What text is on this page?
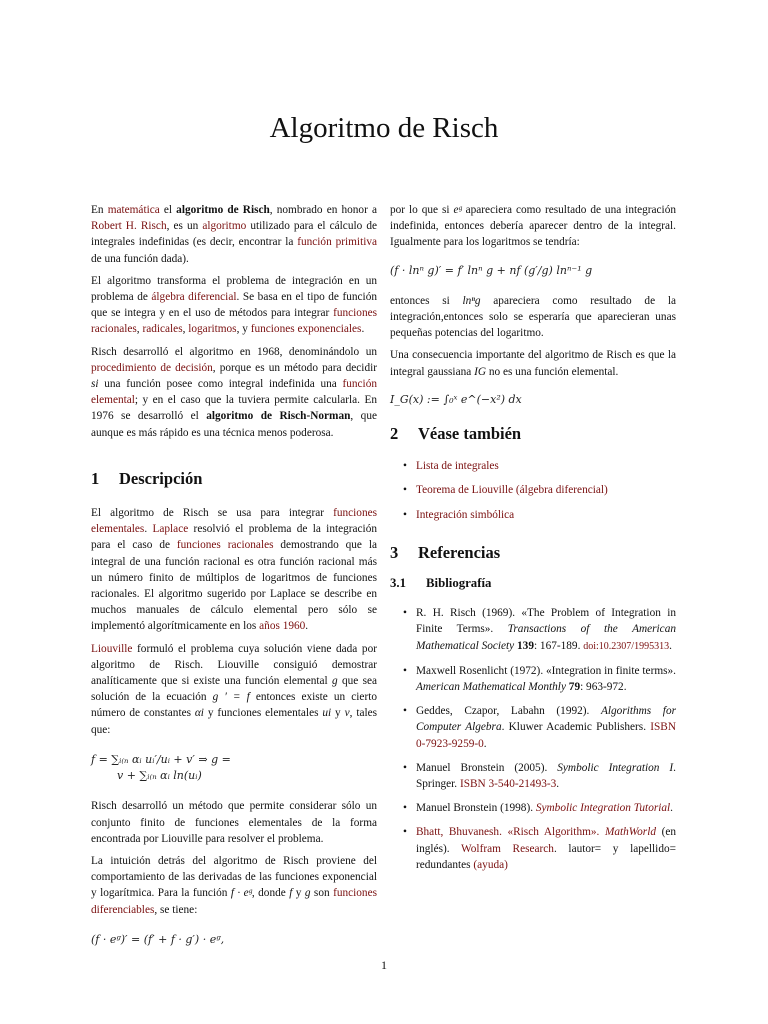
Algoritmo de Risch

En matemática el algoritmo de Risch, nombrado en honor a Robert H. Risch, es un algoritmo utilizado para el cálculo de integrales indefinidas (es decir, encontrar la función primitiva de una función dada).

El algoritmo transforma el problema de integración en un problema de álgebra diferencial. Se basa en el tipo de función que se integra y en el uso de métodos para integrar funciones racionales, radicales, logaritmos, y funciones exponenciales.

Risch desarrolló el algoritmo en 1968, denominándolo un procedimiento de decisión, porque es un método para decidir si una función posee como integral indefinida una función elemental; y en el caso que la tuviera permite calcularla. En 1976 se desarrolló el algoritmo de Risch-Norman, que aunque es más rápido es una técnica menos poderosa.

1 Descripción

El algoritmo de Risch se usa para integrar funciones elementales. Laplace resolvió el problema de la integración para el caso de funciones racionales demostrando que la integral de una función racional es otra función racional más un número finito de múltiplos de logaritmos de funciones racionales. El algoritmo sugerido por Laplace se describe en muchos manuales de cálculo elemental pero sólo se implementó algorítmicamente en los años 1960.

Liouville formuló el problema cuya solución viene dada por algoritmo de Risch. Liouville consiguió demostrar analíticamente que si existe una función elemental g que sea solución de la ecuación g ′ = f entonces existe un cierto número de constantes αi y funciones elementales ui y v, tales que:

f = ∑ᵢ₍ₙ αᵢ uᵢ′/uᵢ + v′ ⇒ g =

v + ∑ᵢ₍ₙ αᵢ ln(uᵢ)

Risch desarrolló un método que permite considerar sólo un conjunto finito de funciones elementales de la forma encontrada por Liouville para resolver el problema.

La intuición detrás del algoritmo de Risch proviene del comportamiento de las derivadas de las funciones exponencial y logarítmica. Para la función f · eᵍ, donde f y g son funciones diferenciables, se tiene:

(f · eᵍ)′ = (f′ + f · g′) · eᵍ,

por lo que si eᵍ apareciera como resultado de una integración indefinida, entonces debería aparecer dentro de la integral. Igualmente para los logaritmos se tendría:

(f · lnⁿ g)′ = f′ lnⁿ g + nf (g′/g) lnⁿ⁻¹ g

entonces si lnⁿg apareciera como resultado de la integración,entonces solo se esperaría que aparecieran unas pequeñas potencias del logaritmo.

Una consecuencia importante del algoritmo de Risch es que la integral gaussiana IG no es una función elemental.

I_G(x) := ∫₀ˣ e^(−x²) dx

2 Véase también
• Lista de integrales
• Teorema de Liouville (álgebra diferencial)
• Integración simbólica
3 Referencias
3.1 Bibliografía
• R. H. Risch (1969). «The Problem of Integration in Finite Terms». Transactions of the American Mathematical Society 139: 167-189. doi:10.2307/1995313.
• Maxwell Rosenlicht (1972). «Integration in finite terms». American Mathematical Monthly 79: 963-972.
• Geddes, Czapor, Labahn (1992). Algorithms for Computer Algebra. Kluwer Academic Publishers. ISBN 0-7923-9259-0.
• Manuel Bronstein (2005). Symbolic Integration I. Springer. ISBN 3-540-21493-3.
• Manuel Bronstein (1998). Symbolic Integration Tutorial.
• Bhatt, Bhuvanesh. «Risch Algorithm». MathWorld (en inglés). Wolfram Research. lautor= y lapellido= redundantes (ayuda)
1
